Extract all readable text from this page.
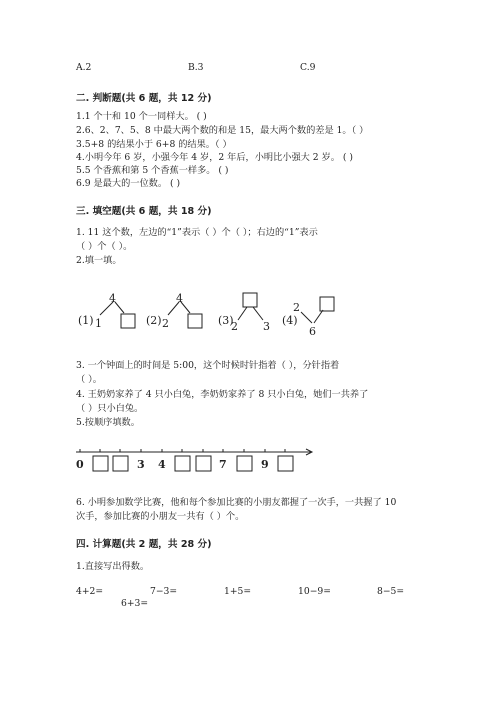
A.2	B.3	C.9
二. 判断题(共 6 题，共 12 分)
1.1 个十和 10 个一同样大。 ( )
2.6、2、7、5、8 中最大两个数的和是 15，最大两个数的差是 1。（ ）
3.5+8 的结果小于 6+8 的结果。（ ）
4.小明今年 6 岁，小强今年 4 岁，2 年后，小明比小强大 2 岁。 ( )
5.5 个香蕉和第 5 个香蕉一样多。 ( )
6.9 是最大的一位数。 ( )
三. 填空题(共 6 题，共 18 分)
1. 11 这个数，左边的“1”表示（ ）个（ ）；右边的“1”表示
（ ）个（ ）。
2.填一填。
(1)
4
1	(2)
4
2	(3)
2 3 (4)
2
6
3. 一个钟面上的时间是 5:00，这个时候时针指着（ ），分针指着
（ ）。
4. 王奶奶家养了 4 只小白兔，李奶奶家养了 8 只小白兔，她们一共养了
（ ）只小白兔。
5.按顺序填数。
0	3 4	7	9
6. 小明参加数学比赛，他和每个参加比赛的小朋友都握了一次手，一共握了 10
次手，参加比赛的小朋友一共有（ ）个。
四. 计算题(共 2 题，共 28 分)
1.直接写出得数。
4+2=	7−3=	1+5=	10−9=	8−5=
6+3=
